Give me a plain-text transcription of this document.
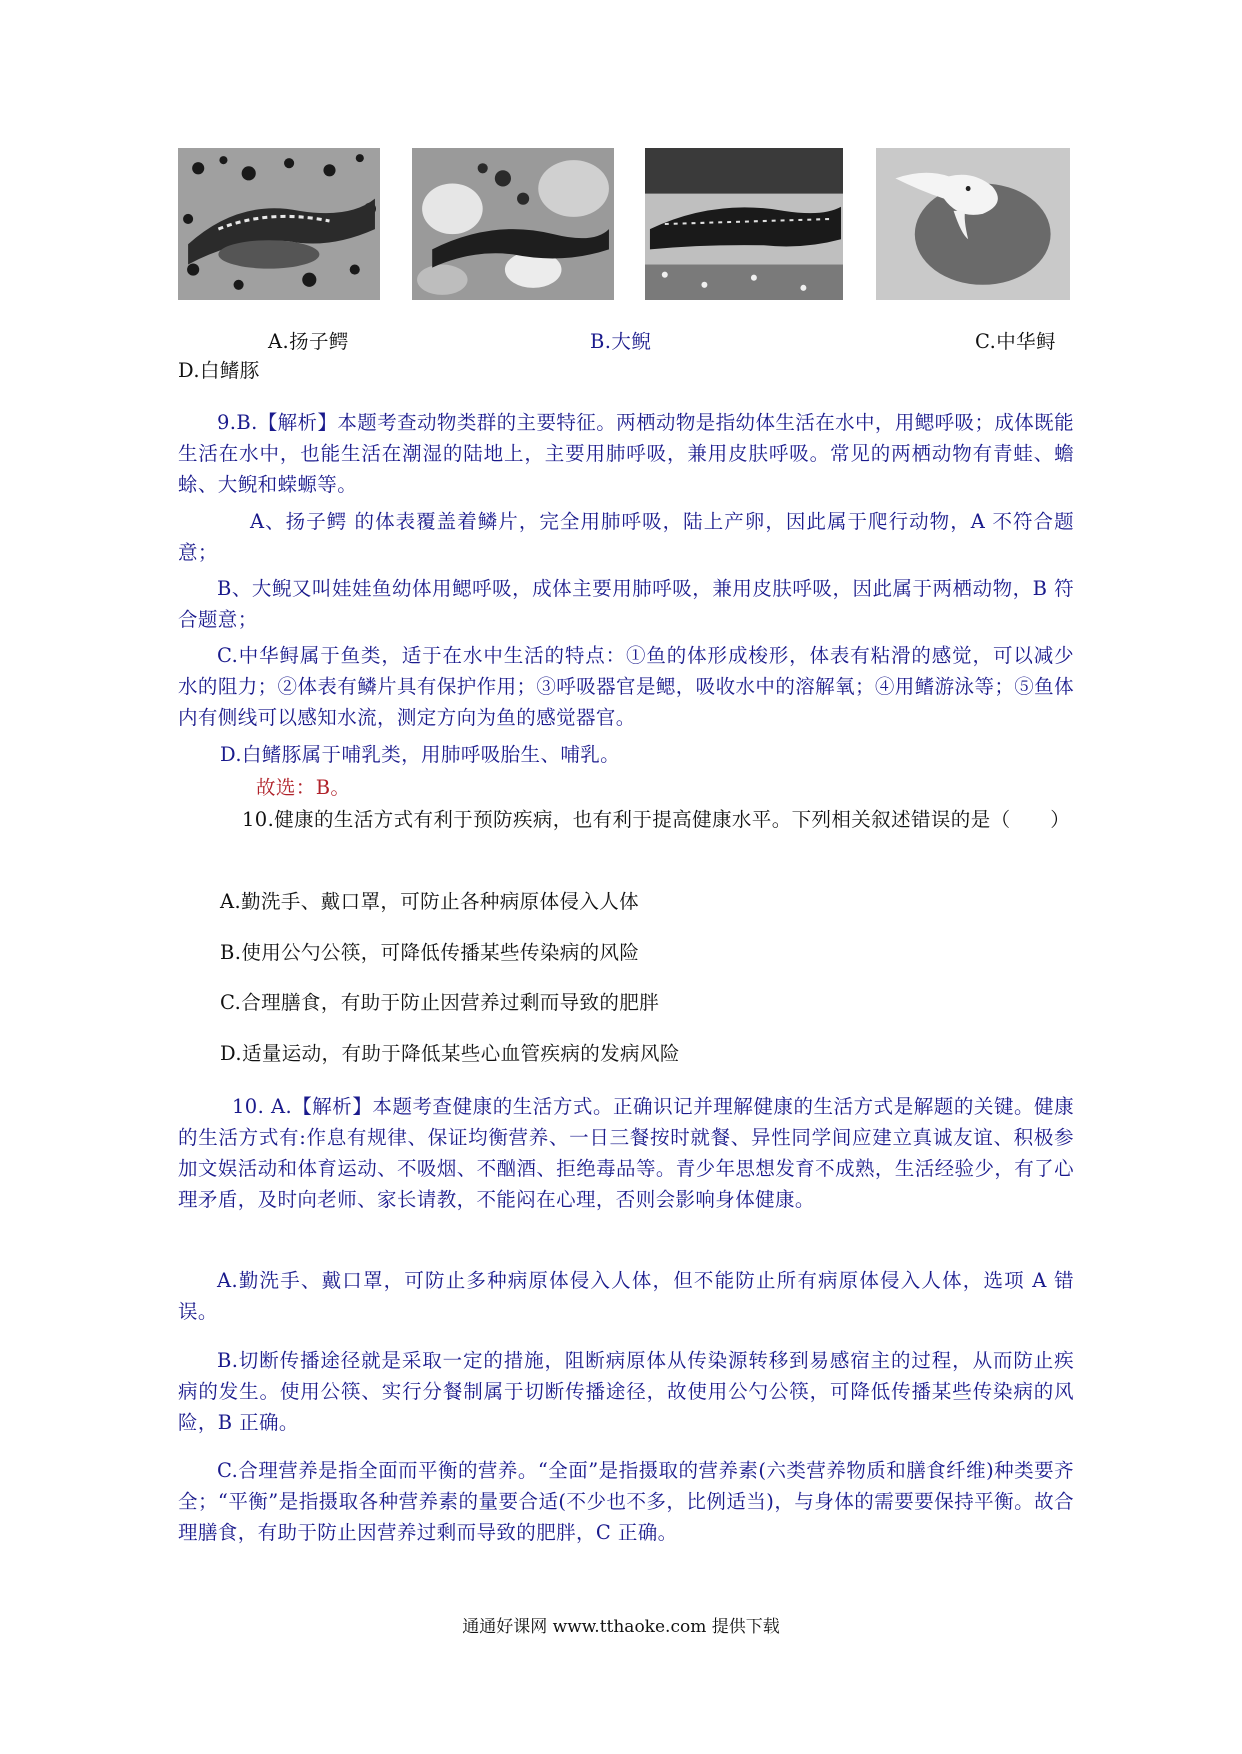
A.扬子鳄	B.大鲵	C.中华鲟
D.白鳍豚
9.B.【解析】本题考查动物类群的主要特征。两栖动物是指幼体生活在水中，用鳃呼吸；成体既能生活在水中，也能生活在潮湿的陆地上，主要用肺呼吸，兼用皮肤呼吸。常见的两栖动物有青蛙、蟾蜍、大鲵和蝾螈等。
A、扬子鳄 的体表覆盖着鳞片，完全用肺呼吸，陆上产卵，因此属于爬行动物，A 不符合题意；
B、大鲵又叫娃娃鱼幼体用鳃呼吸，成体主要用肺呼吸，兼用皮肤呼吸，因此属于两栖动物，B 符合题意；
C.中华鲟属于鱼类，适于在水中生活的特点：①鱼的体形成梭形，体表有粘滑的感觉，可以减少水的阻力；②体表有鳞片具有保护作用；③呼吸器官是鳃，吸收水中的溶解氧；④用鳍游泳等；⑤鱼体内有侧线可以感知水流，测定方向为鱼的感觉器官。
D.白鳍豚属于哺乳类，用肺呼吸胎生、哺乳。
故选：B。
10.健康的生活方式有利于预防疾病，也有利于提高健康水平。下列相关叙述错误的是（　　）
A.勤洗手、戴口罩，可防止各种病原体侵入人体
B.使用公勺公筷，可降低传播某些传染病的风险
C.合理膳食，有助于防止因营养过剩而导致的肥胖
D.适量运动，有助于降低某些心血管疾病的发病风险
10. A.【解析】本题考查健康的生活方式。正确识记并理解健康的生活方式是解题的关键。健康的生活方式有:作息有规律、保证均衡营养、一日三餐按时就餐、异性同学间应建立真诚友谊、积极参加文娱活动和体育运动、不吸烟、不酗酒、拒绝毒品等。青少年思想发育不成熟，生活经验少，有了心理矛盾，及时向老师、家长请教，不能闷在心理，否则会影响身体健康。
A.勤洗手、戴口罩，可防止多种病原体侵入人体，但不能防止所有病原体侵入人体，选项 A 错误。
B.切断传播途径就是采取一定的措施，阻断病原体从传染源转移到易感宿主的过程，从而防止疾病的发生。使用公筷、实行分餐制属于切断传播途径，故使用公勺公筷，可降低传播某些传染病的风险，B 正确。
C.合理营养是指全面而平衡的营养。“全面”是指摄取的营养素(六类营养物质和膳食纤维)种类要齐全；“平衡”是指摄取各种营养素的量要合适(不少也不多，比例适当)，与身体的需要要保持平衡。故合理膳食，有助于防止因营养过剩而导致的肥胖，C 正确。
通通好课网 www.tthaoke.com 提供下载
